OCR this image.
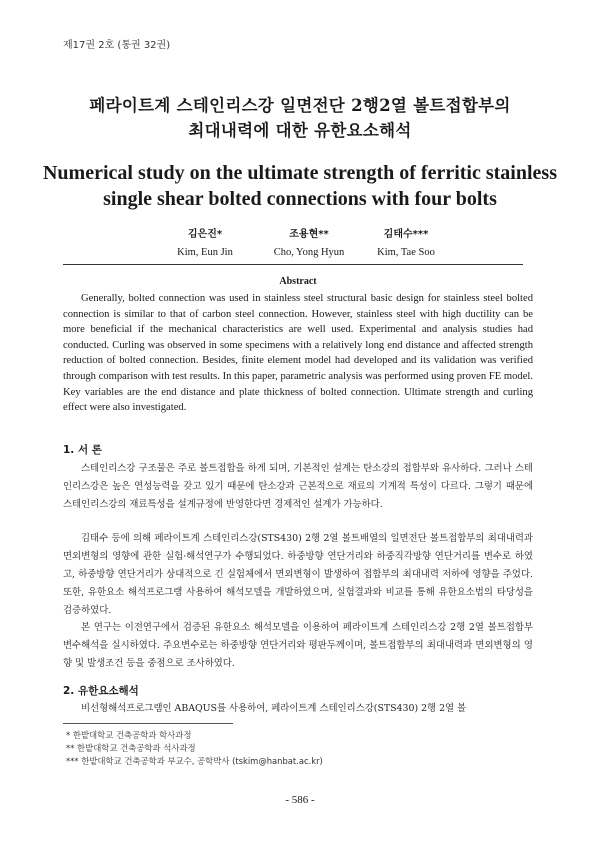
제17권 2호 (통권 32권)
페라이트계 스테인리스강 일면전단 2행2열 볼트접합부의
최대내력에 대한 유한요소해석
Numerical study on the ultimate strength of ferritic stainless
single shear bolted connections with four bolts
김은진*
Kim, Eun Jin
조용현**
Cho, Yong Hyun
김태수***
Kim, Tae Soo
Abstract
Generally, bolted connection was used in stainless steel structural basic design for stainless steel bolted connection is similar to that of carbon steel connection. However, stainless steel with high ductility can be more beneficial if the mechanical characteristics are well used. Experimental and analysis studies had conducted. Curling was observed in some specimens with a relatively long end distance and affected strength reduction of bolted connection. Besides, finite element model had developed and its validation was verified through comparison with test results. In this paper, parametric analysis was performed using proven FE model. Key variables are the end distance and plate thickness of bolted connection. Ultimate strength and curling effect were also investigated.
1. 서 론
스테인리스강 구조물은 주로 볼트접합을 하게 되며, 기본적인 설계는 탄소강의 접합부와 유사하다. 그러나 스테인리스강은 높은 연성능력을 갖고 있기 때문에 탄소강과 근본적으로 재료의 기계적 특성이 다르다. 그렇기 때문에 스테인리스강의 재료특성을 설계규정에 반영한다면 경제적인 설계가 가능하다.
김태수 등에 의해 페라이트계 스테인리스강(STS430) 2행 2열 볼트배열의 일면전단 볼트접합부의 최대내력과 면외변형의 영향에 관한 실험·해석연구가 수행되었다. 하중방향 연단거리와 하중직각방향 연단거리를 변수로 하였고, 하중방향 연단거리가 상대적으로 긴 실험체에서 면외변형이 발생하여 접합부의 최대내력 저하에 영향을 주었다. 또한, 유한요소 해석프로그램 사용하여 해석모델을 개발하였으며, 실험결과와 비교를 통해 유한요소법의 타당성을 검증하였다.
본 연구는 이전연구에서 검증된 유한요소 해석모델을 이용하여 페라이트계 스테인리스강 2행 2열 볼트접합부 변수해석을 실시하였다. 주요변수로는 하중방향 연단거리와 평판두께이며, 볼트접합부의 최대내력과 면외변형의 영향 및 발생조건 등을 중점으로 조사하였다.
2. 유한요소해석
비선형해석프로그램인 ABAQUS를 사용하여, 페라이트계 스테인리스강(STS430) 2행 2열 볼
* 한밭대학교 건축공학과 학사과정
** 한밭대학교 건축공학과 석사과정
*** 한밭대학교 건축공학과 부교수, 공학박사 (tskim@hanbat.ac.kr)
- 586 -
